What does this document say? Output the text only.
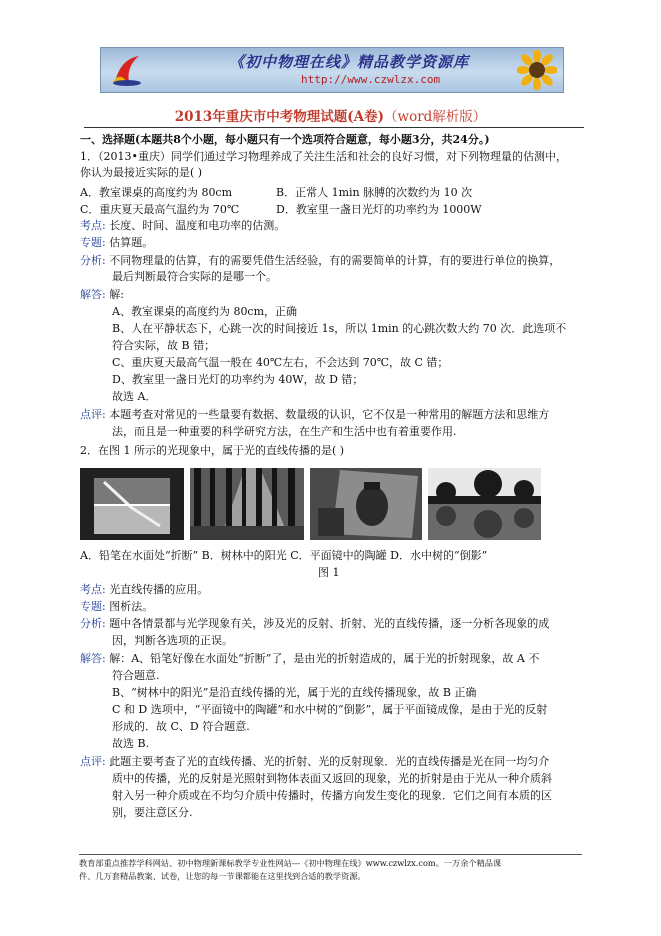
《初中物理在线》精品教学资源库
http://www.czwlzx.com
2013年重庆市中考物理试题(A卷)（word解析版）
一、选择题(本题共8个小题，每小题只有一个选项符合题意，每小题3分，共24分。)
1．（2013•重庆）同学们通过学习物理养成了关注生活和社会的良好习惯，对下列物理量的估测中，
你认为最接近实际的是( )
A．教室课桌的高度约为 80cm	B．正常人 1min 脉膊的次数约为 10 次
C．重庆夏天最高气温约为 70℃	D．教室里一盏日光灯的功率约为 1000W
考点: 长度、时间、温度和电功率的估测。
专题: 估算题。
分析: 不同物理量的估算，有的需要凭借生活经验，有的需要简单的计算，有的要进行单位的换算，
最后判断最符合实际的是哪一个。
解答: 解:
A、教室课桌的高度约为 80cm，正确
B、人在平静状态下，心跳一次的时间接近 1s，所以 1min 的心跳次数大约 70 次．此选项不
符合实际，故 B 错；
C、重庆夏天最高气温一般在 40℃左右，不会达到 70℃，故 C 错；
D、教室里一盏日光灯的功率约为 40W，故 D 错；
故选 A．
点评: 本题考查对常见的一些量要有数据、数量级的认识，它不仅是一种常用的解题方法和思维方
法，而且是一种重要的科学研究方法，在生产和生活中也有着重要作用.
2．在图 1 所示的光现象中，属于光的直线传播的是( )
A．铅笔在水面处“折断” B．树林中的阳光 C．平面镜中的陶罐 D．水中树的“倒影”
图 1
考点: 光直线传播的应用。
专题: 图析法。
分析: 题中各情景都与光学现象有关，涉及光的反射、折射、光的直线传播，逐一分析各现象的成
因，判断各选项的正误。
解答: 解：A、铅笔好像在水面处“折断”了，是由光的折射造成的，属于光的折射现象，故 A 不
符合题意.
B、“树林中的阳光”是沿直线传播的光，属于光的直线传播现象，故 B 正确
C 和 D 选项中，“平面镜中的陶罐”和水中树的“倒影”，属于平面镜成像，是由于光的反射
形成的．故 C、D 符合题意.
故选 B.
点评: 此题主要考查了光的直线传播、光的折射、光的反射现象．光的直线传播是光在同一均匀介
质中的传播，光的反射是光照射到物体表面又返回的现象，光的折射是由于光从一种介质斜
射入另一种介质或在不均匀介质中传播时，传播方向发生变化的现象．它们之间有本质的区
别，要注意区分.
教育部重点推荐学科网站、初中物理新课标教学专业性网站---《初中物理在线》www.czwlzx.com。一万余个精品课
件、几万套精品教案、试卷，让您的每一节课都能在这里找到合适的教学资源。
